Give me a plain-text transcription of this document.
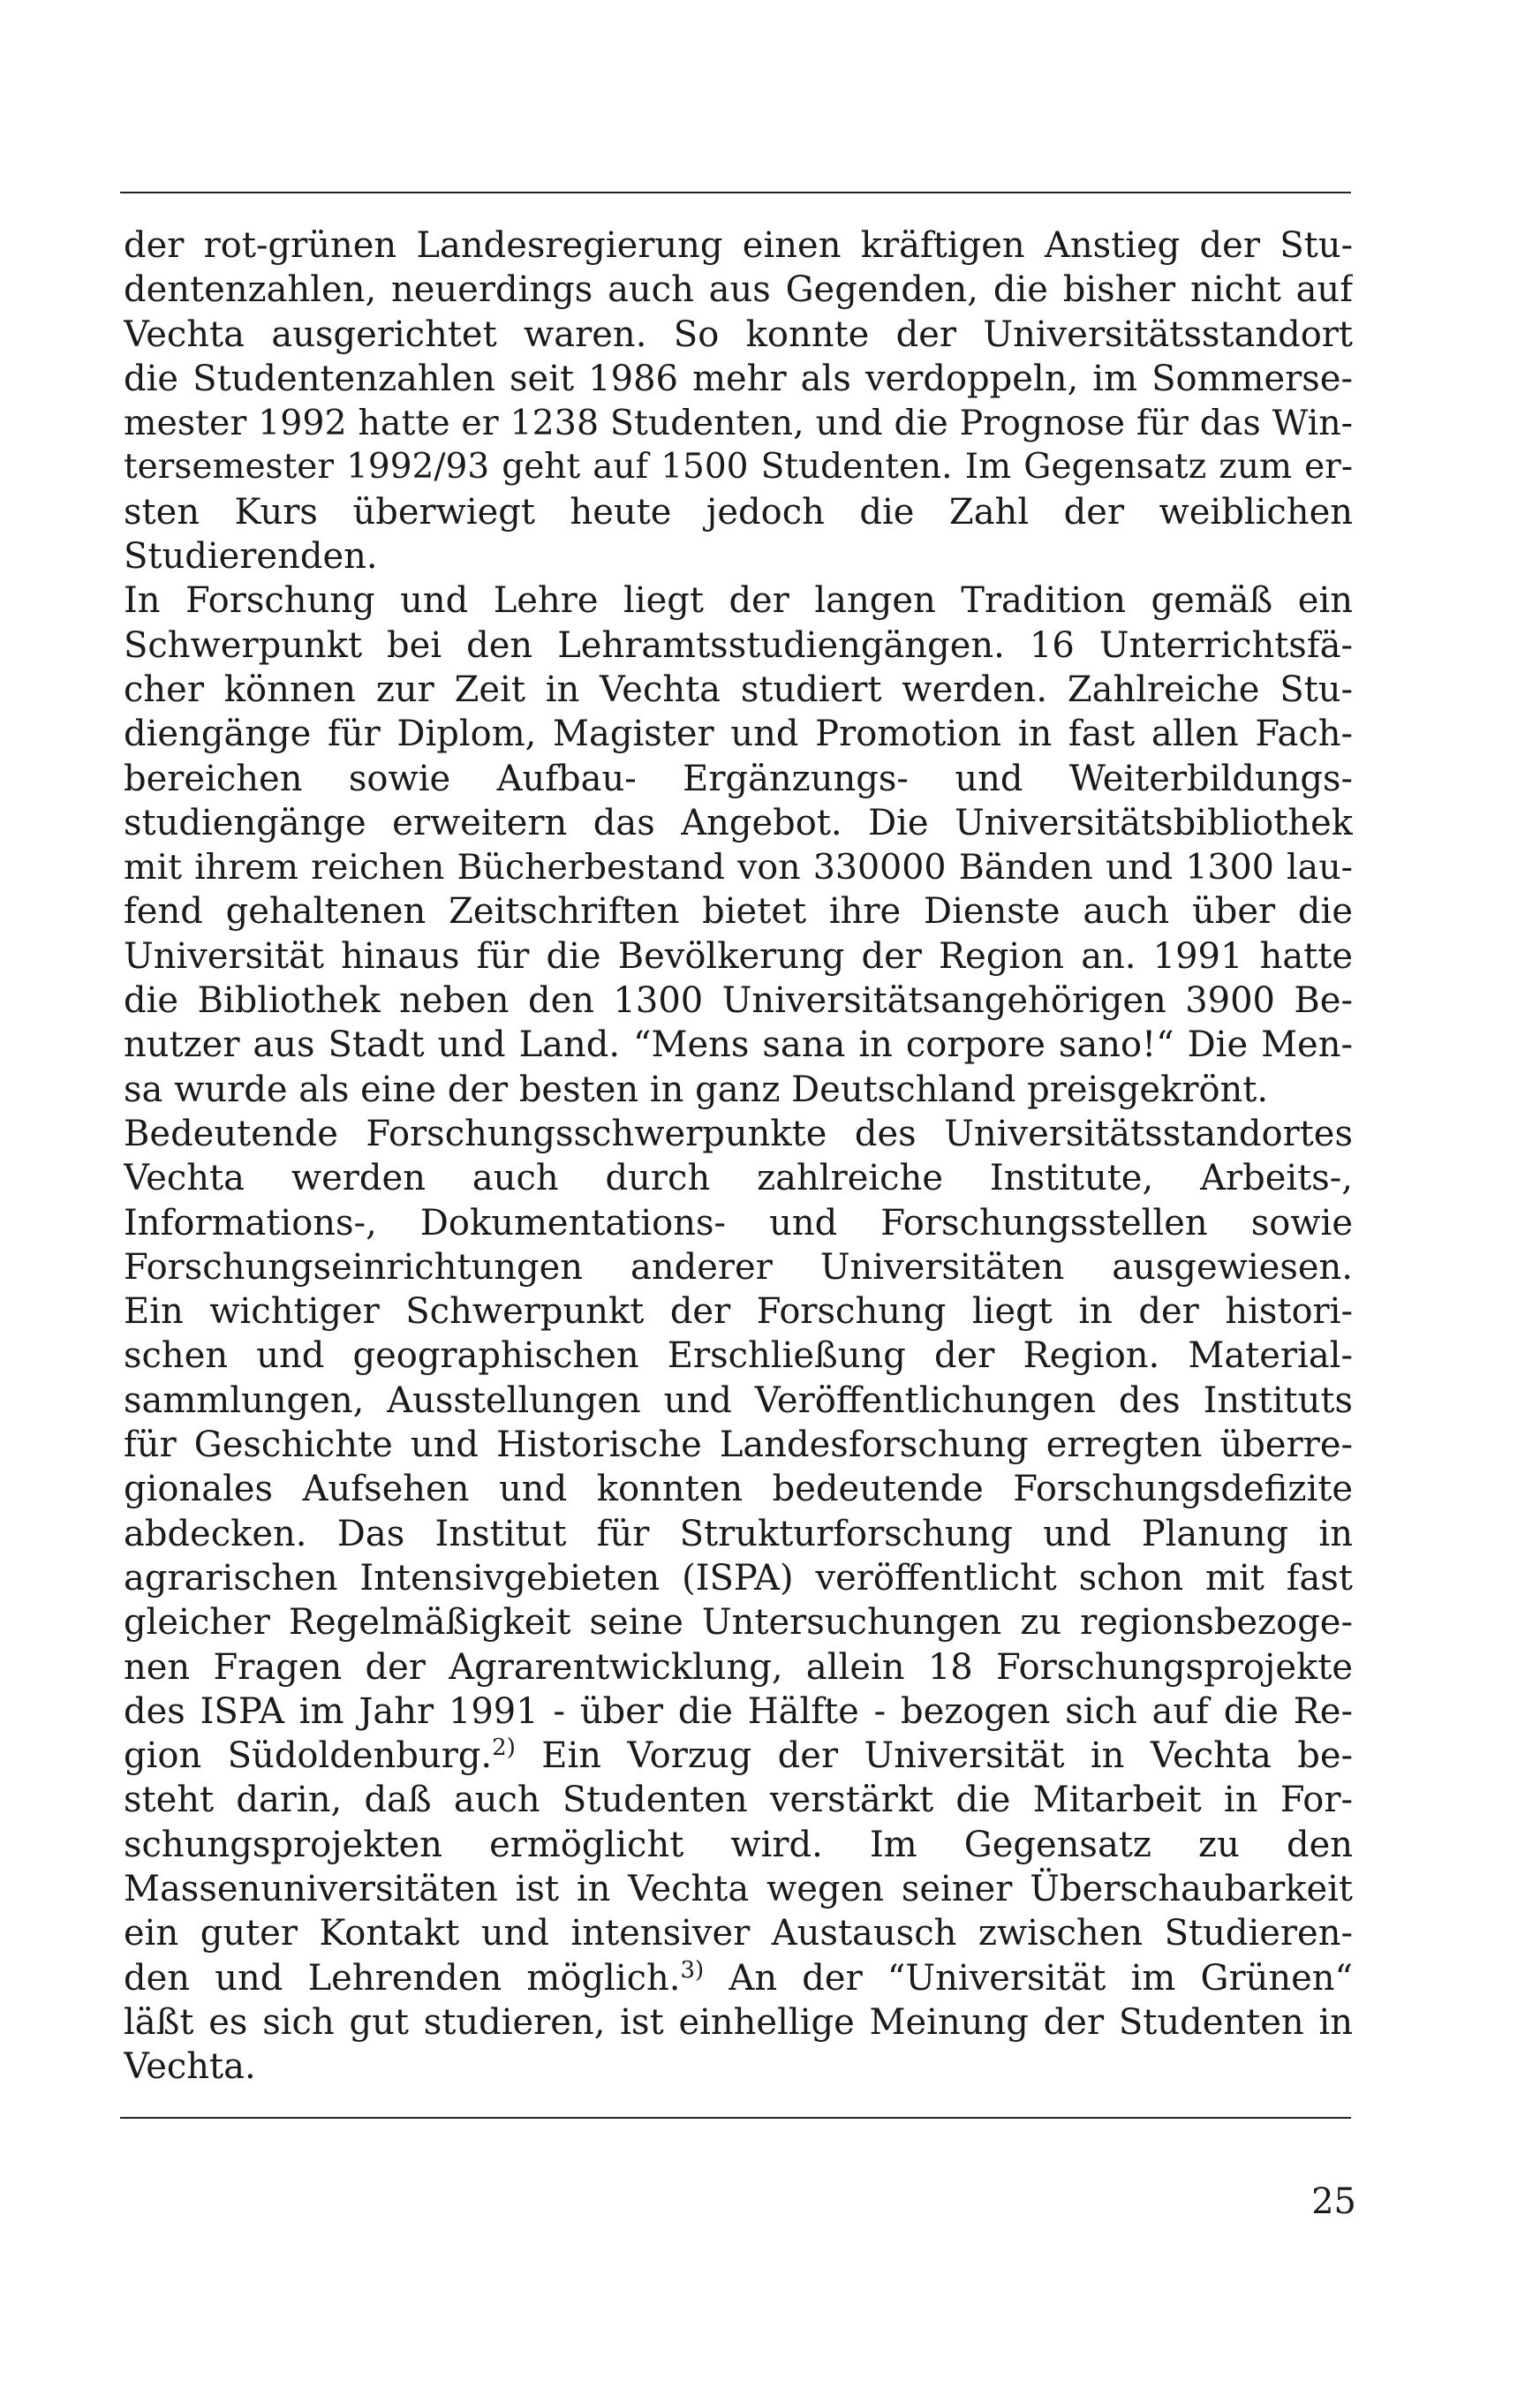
der rot-grünen Landesregierung einen kräftigen Anstieg der Stu-
dentenzahlen, neuerdings auch aus Gegenden, die bisher nicht auf
Vechta ausgerichtet waren. So konnte der Universitätsstandort
die Studentenzahlen seit 1986 mehr als verdoppeln, im Sommerse-
mester 1992 hatte er 1238 Studenten, und die Prognose für das Win-
tersemester 1992/93 geht auf 1500 Studenten. Im Gegensatz zum er-
sten Kurs überwiegt heute jedoch die Zahl der weiblichen
Studierenden.
In Forschung und Lehre liegt der langen Tradition gemäß ein
Schwerpunkt bei den Lehramtsstudiengängen. 16 Unterrichtsfä-
cher können zur Zeit in Vechta studiert werden. Zahlreiche Stu-
diengänge für Diplom, Magister und Promotion in fast allen Fach-
bereichen sowie Aufbau- Ergänzungs- und Weiterbildungs-
studiengänge erweitern das Angebot. Die Universitätsbibliothek
mit ihrem reichen Bücherbestand von 330000 Bänden und 1300 lau-
fend gehaltenen Zeitschriften bietet ihre Dienste auch über die
Universität hinaus für die Bevölkerung der Region an. 1991 hatte
die Bibliothek neben den 1300 Universitätsangehörigen 3900 Be-
nutzer aus Stadt und Land. “Mens sana in corpore sano!“ Die Men-
sa wurde als eine der besten in ganz Deutschland preisgekrönt.
Bedeutende Forschungsschwerpunkte des Universitätsstandortes
Vechta werden auch durch zahlreiche Institute, Arbeits-,
Informations-, Dokumentations- und Forschungsstellen sowie
Forschungseinrichtungen anderer Universitäten ausgewiesen.
Ein wichtiger Schwerpunkt der Forschung liegt in der histori-
schen und geographischen Erschließung der Region. Material-
sammlungen, Ausstellungen und Veröffentlichungen des Instituts
für Geschichte und Historische Landesforschung erregten überre-
gionales Aufsehen und konnten bedeutende Forschungsdefizite
abdecken. Das Institut für Strukturforschung und Planung in
agrarischen Intensivgebieten (ISPA) veröffentlicht schon mit fast
gleicher Regelmäßigkeit seine Untersuchungen zu regionsbezoge-
nen Fragen der Agrarentwicklung, allein 18 Forschungsprojekte
des ISPA im Jahr 1991 - über die Hälfte - bezogen sich auf die Re-
gion Südoldenburg.$^{2)}$ Ein Vorzug der Universität in Vechta be-
steht darin, daß auch Studenten verstärkt die Mitarbeit in For-
schungsprojekten ermöglicht wird. Im Gegensatz zu den
Massenuniversitäten ist in Vechta wegen seiner Überschaubarkeit
ein guter Kontakt und intensiver Austausch zwischen Studieren-
den und Lehrenden möglich.$^{3)}$ An der “Universität im Grünen“
läßt es sich gut studieren, ist einhellige Meinung der Studenten in
Vechta.
25
